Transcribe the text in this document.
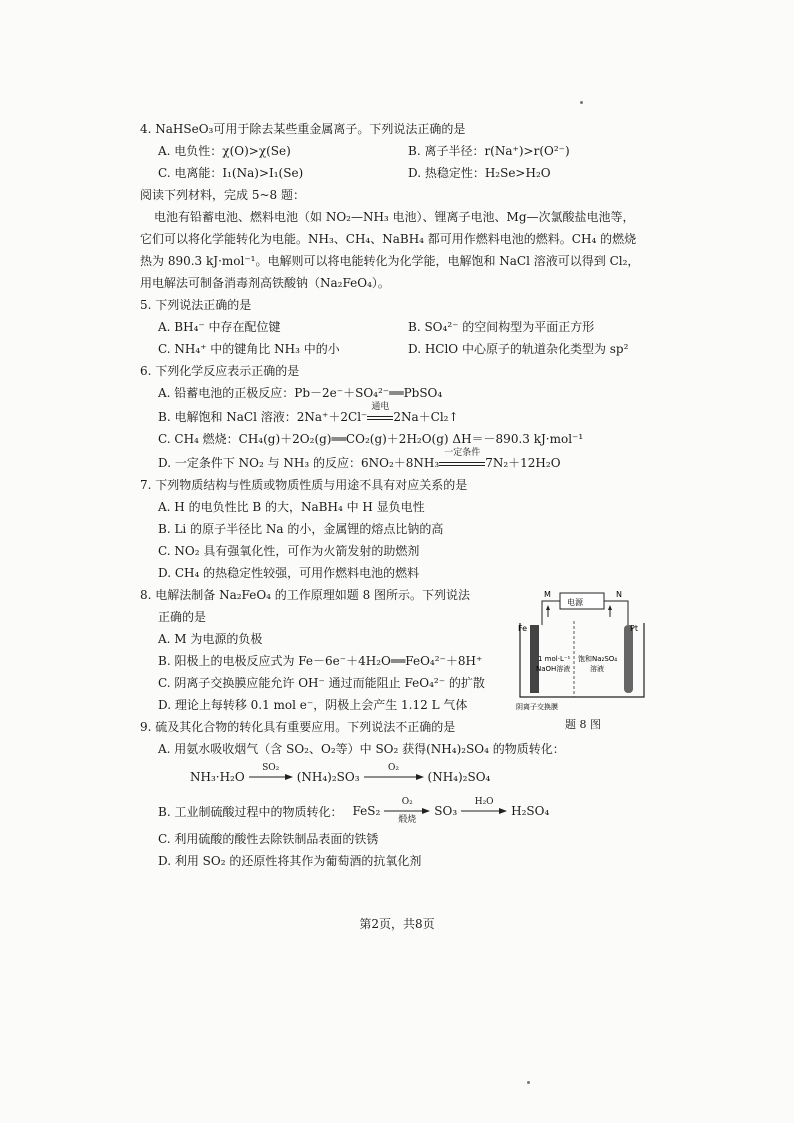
4. NaHSeO₃可用于除去某些重金属离子。下列说法正确的是
A. 电负性：χ(O)>χ(Se)	B. 离子半径：r(Na⁺)>r(O²⁻)
C. 电离能：I₁(Na)>I₁(Se)	D. 热稳定性：H₂Se>H₂O
阅读下列材料，完成 5~8 题：
电池有铅蓄电池、燃料电池（如 NO₂—NH₃ 电池）、锂离子电池、Mg—次氯酸盐电池等，
它们可以将化学能转化为电能。NH₃、CH₄、NaBH₄ 都可用作燃料电池的燃料。CH₄ 的燃烧
热为 890.3 kJ·mol⁻¹。电解则可以将电能转化为化学能，电解饱和 NaCl 溶液可以得到 Cl₂，
用电解法可制备消毒剂高铁酸钠（Na₂FeO₄）。
5. 下列说法正确的是
A. BH₄⁻ 中存在配位键	B. SO₄²⁻ 的空间构型为平面正方形
C. NH₄⁺ 中的键角比 NH₃ 中的小	D. HClO 中心原子的轨道杂化类型为 sp²
6. 下列化学反应表示正确的是
A. 铅蓄电池的正极反应：Pb－2e⁻＋SO₄²⁻══PbSO₄
B. 电解饱和 NaCl 溶液：2Na⁺＋2Cl⁻
通电
2Na＋Cl₂↑
C. CH₄ 燃烧：CH₄(g)＋2O₂(g)══CO₂(g)＋2H₂O(g) ΔH＝－890.3 kJ·mol⁻¹
D. 一定条件下 NO₂ 与 NH₃ 的反应：6NO₂＋8NH₃
一定条件
7N₂＋12H₂O
7. 下列物质结构与性质或物质性质与用途不具有对应关系的是
A. H 的电负性比 B 的大，NaBH₄ 中 H 显负电性
B. Li 的原子半径比 Na 的小，金属锂的熔点比钠的高
C. NO₂ 具有强氧化性，可作为火箭发射的助燃剂
D. CH₄ 的热稳定性较强，可用作燃料电池的燃料
8. 电解法制备 Na₂FeO₄ 的工作原理如题 8 图所示。下列说法
正确的是
A. M 为电源的负极
B. 阳极上的电极反应式为 Fe－6e⁻＋4H₂O══FeO₄²⁻＋8H⁺
C. 阴离子交换膜应能允许 OH⁻ 通过而能阻止 FeO₄²⁻ 的扩散
D. 理论上每转移 0.1 mol e⁻，阴极上会产生 1.12 L 气体
9. 硫及其化合物的转化具有重要应用。下列说法不正确的是
A. 用氨水吸收烟气（含 SO₂、O₂等）中 SO₂ 获得(NH₄)₂SO₄ 的物质转化：
NH₃·H₂O
SO₂

(NH₄)₂SO₃
O₂

(NH₄)₂SO₄
B. 工业制硫酸过程中的物质转化： FeS₂
O₂
煅烧
SO₃
H₂O

H₂SO₄
C. 利用硫酸的酸性去除铁制品表面的铁锈
D. 利用 SO₂ 的还原性将其作为葡萄酒的抗氧化剂
电源
M	N
Fe	Pt
1 mol·L⁻¹
NaOH溶液
饱和Na₂SO₄
溶液
阴离子交换膜
题 8 图
第2页，共8页
